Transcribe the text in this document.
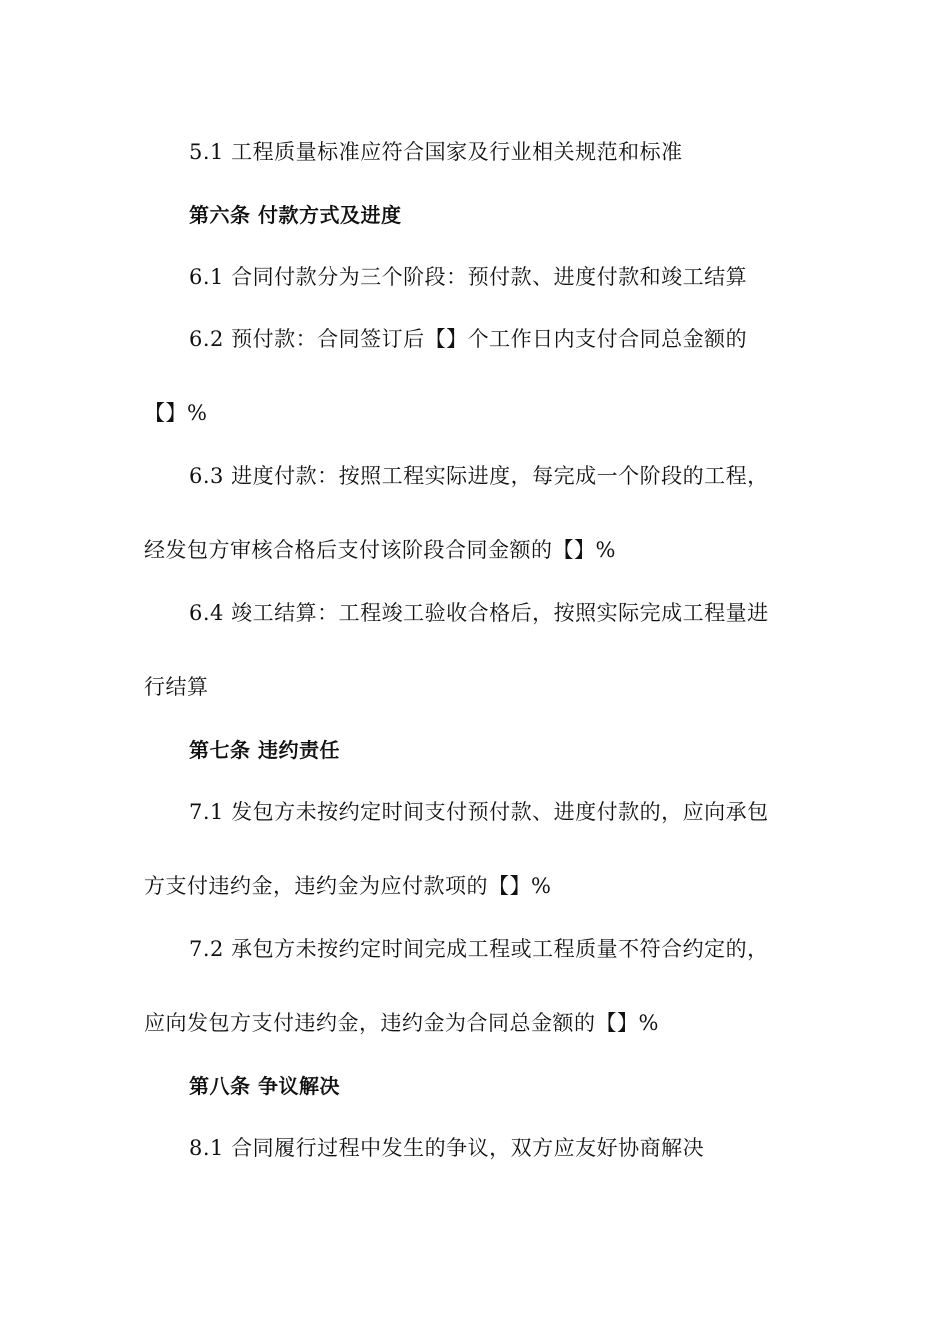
5.1 工程质量标准应符合国家及行业相关规范和标准
第六条 付款方式及进度
6.1 合同付款分为三个阶段：预付款、进度付款和竣工结算
6.2 预付款：合同签订后【】个工作日内支付合同总金额的
【】%
6.3 进度付款：按照工程实际进度，每完成一个阶段的工程，
经发包方审核合格后支付该阶段合同金额的【】%
6.4 竣工结算：工程竣工验收合格后，按照实际完成工程量进
行结算
第七条 违约责任
7.1 发包方未按约定时间支付预付款、进度付款的，应向承包
方支付违约金，违约金为应付款项的【】%
7.2 承包方未按约定时间完成工程或工程质量不符合约定的，
应向发包方支付违约金，违约金为合同总金额的【】%
第八条 争议解决
8.1 合同履行过程中发生的争议，双方应友好协商解决
